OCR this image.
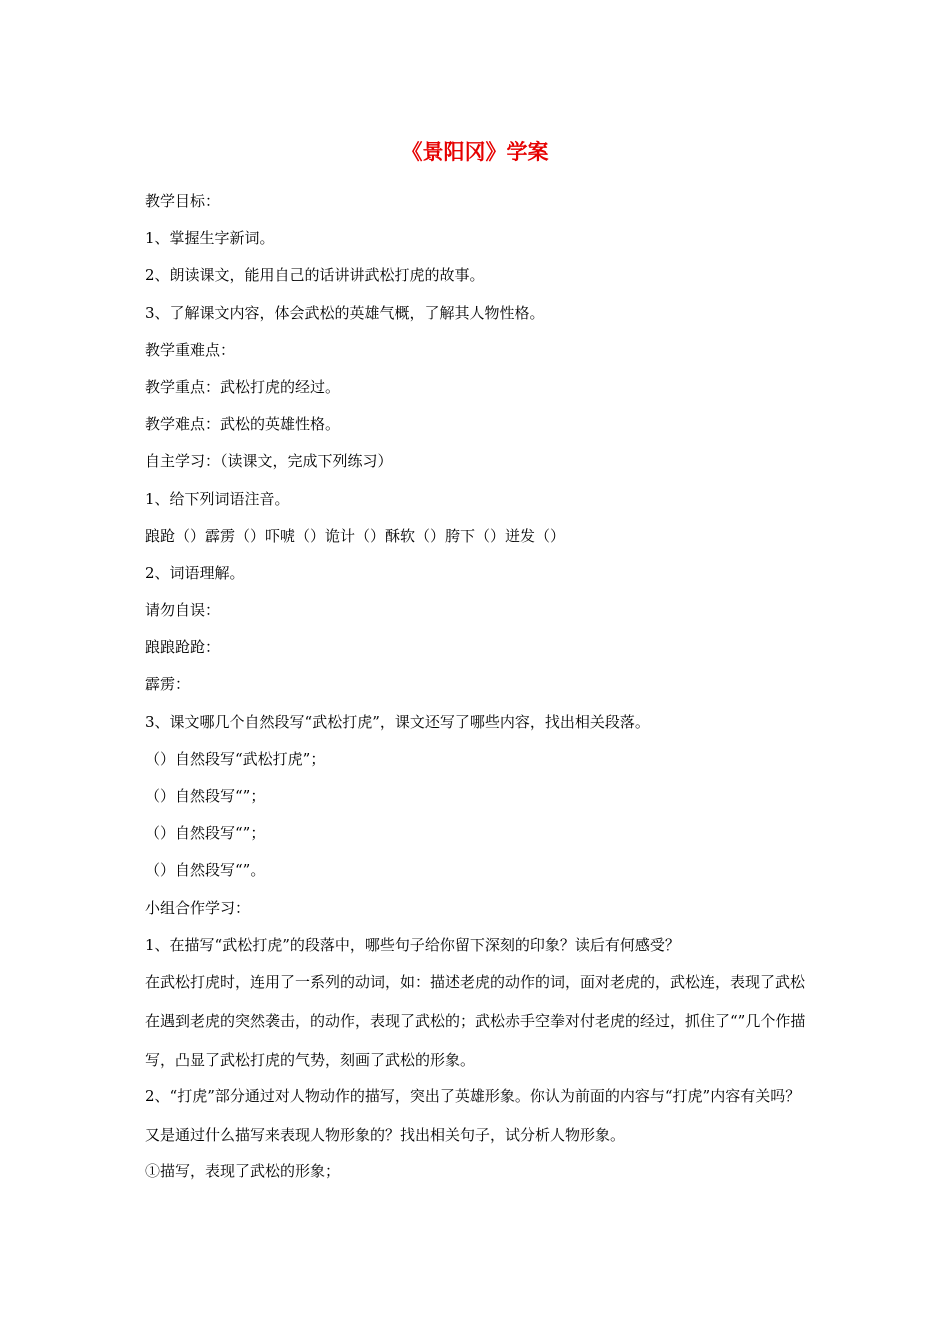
《景阳冈》学案
教学目标：
1、掌握生字新词。
2、朗读课文，能用自己的话讲讲武松打虎的故事。
3、了解课文内容，体会武松的英雄气概，了解其人物性格。
教学重难点：
教学重点：武松打虎的经过。
教学难点：武松的英雄性格。
自主学习：（读课文，完成下列练习）
1、给下列词语注音。
踉跄（）霹雳（）吓唬（）诡计（）酥软（）胯下（）迸发（）
2、词语理解。
请勿自误：
踉踉跄跄：
霹雳：
3、课文哪几个自然段写“武松打虎”，课文还写了哪些内容，找出相关段落。
（）自然段写“武松打虎”；
（）自然段写“”；
（）自然段写“”；
（）自然段写“”。
小组合作学习：
1、在描写“武松打虎”的段落中，哪些句子给你留下深刻的印象？读后有何感受？
在武松打虎时，连用了一系列的动词，如：描述老虎的动作的词，面对老虎的，武松连，表现了武松在遇到老虎的突然袭击，的动作，表现了武松的；武松赤手空拳对付老虎的经过，抓住了“”几个作描写，凸显了武松打虎的气势，刻画了武松的形象。
2、“打虎”部分通过对人物动作的描写，突出了英雄形象。你认为前面的内容与“打虎”内容有关吗？又是通过什么描写来表现人物形象的？找出相关句子，试分析人物形象。
①描写，表现了武松的形象；
